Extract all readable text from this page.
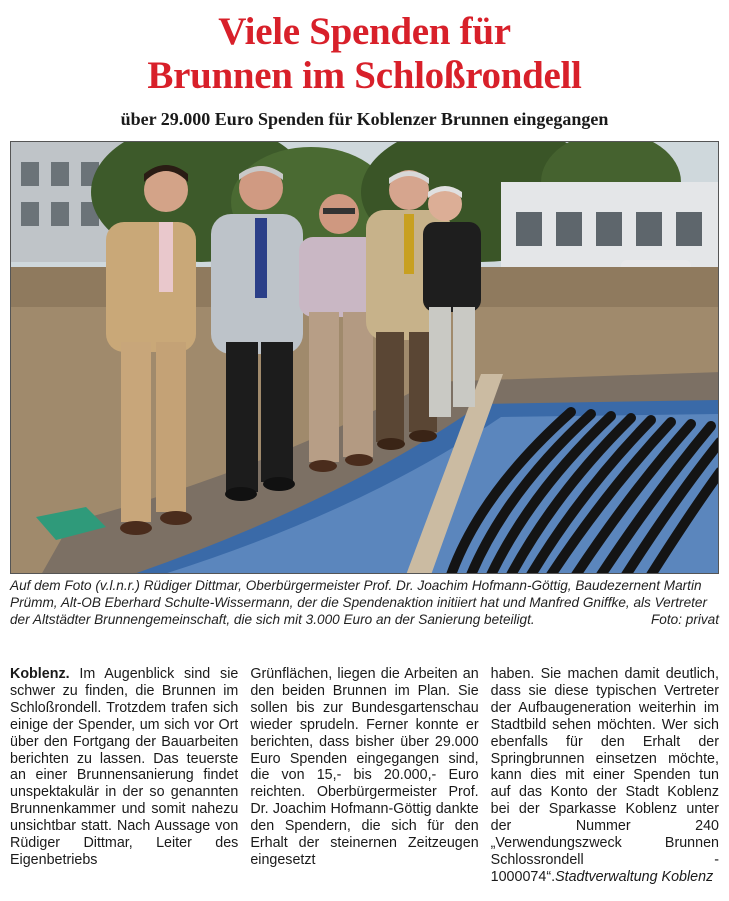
Viele Spenden für
Brunnen im Schloßrondell
über 29.000 Euro Spenden für Koblenzer Brunnen eingegangen

Auf dem Foto (v.l.n.r.) Rüdiger Dittmar, Oberbürgermeister Prof. Dr. Joachim Hofmann-Göttig, Baudezernent Martin Prümm, Alt-OB Eberhard Schulte-Wissermann, der die Spendenaktion initiiert hat und Manfred Gniffke, als Vertreter der Altstädter Brunnengemeinschaft, die sich mit 3.000 Euro an der Sanierung beteiligt.	Foto: privat

Koblenz. Im Augenblick sind sie schwer zu finden, die Brunnen im Schloßrondell. Trotzdem trafen sich einige der Spender, um sich vor Ort über den Fortgang der Bauarbeiten berichten zu lassen. Das teuerste an einer Brunnensanierung findet unspektakulär in der so genannten Brunnenkammer und somit nahezu unsichtbar statt. Nach Aussage von Rüdiger Dittmar, Leiter des Eigenbetriebs
Grünflächen, liegen die Arbeiten an den beiden Brunnen im Plan. Sie sollen bis zur Bundesgartenschau wieder sprudeln. Ferner konnte er berichten, dass bisher über 29.000 Euro Spenden eingegangen sind, die von 15,- bis 20.000,- Euro reichten. Oberbürgermeister Prof. Dr. Joachim Hofmann-Göttig dankte den Spendern, die sich für den Erhalt der steinernen Zeitzeugen eingesetzt
haben. Sie machen damit deutlich, dass sie diese typischen Vertreter der Aufbaugeneration weiterhin im Stadtbild sehen möchten. Wer sich ebenfalls für den Erhalt der Springbrunnen einsetzen möchte, kann dies mit einer Spenden tun auf das Konto der Stadt Koblenz bei der Sparkasse Koblenz unter der Nummer 240 „Verwendungszweck Brunnen Schlossrondell - 1000074“.Stadtverwaltung Koblenz
